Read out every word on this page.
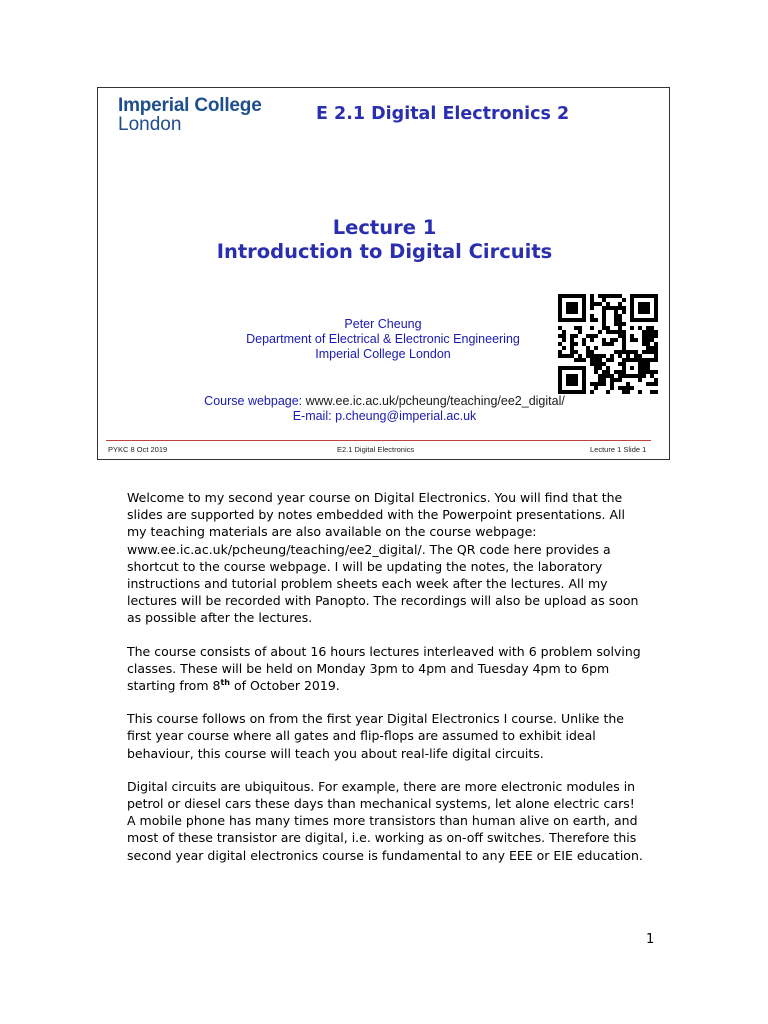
Imperial College
London	E 2.1 Digital Electronics 2
Lecture 1
Introduction to Digital Circuits
Peter Cheung
Department of Electrical & Electronic Engineering
Imperial College London
Course webpage: www.ee.ic.ac.uk/pcheung/teaching/ee2_digital/
E-mail: p.cheung@imperial.ac.uk
PYKC 8 Oct 2019	E2.1 Digital Electronics	Lecture 1 Slide 1

Welcome to my second year course on Digital Electronics. You will find that the slides are supported by notes embedded with the Powerpoint presentations. All my teaching materials are also available on the course webpage: www.ee.ic.ac.uk/pcheung/teaching/ee2_digital/. The QR code here provides a shortcut to the course webpage. I will be updating the notes, the laboratory instructions and tutorial problem sheets each week after the lectures. All my lectures will be recorded with Panopto. The recordings will also be upload as soon as possible after the lectures.

The course consists of about 16 hours lectures interleaved with 6 problem solving classes. These will be held on Monday 3pm to 4pm and Tuesday 4pm to 6pm starting from 8th of October 2019.

This course follows on from the first year Digital Electronics I course. Unlike the first year course where all gates and flip-flops are assumed to exhibit ideal behaviour, this course will teach you about real-life digital circuits.

Digital circuits are ubiquitous. For example, there are more electronic modules in petrol or diesel cars these days than mechanical systems, let alone electric cars! A mobile phone has many times more transistors than human alive on earth, and most of these transistor are digital, i.e. working as on-off switches. Therefore this second year digital electronics course is fundamental to any EEE or EIE education.

1
